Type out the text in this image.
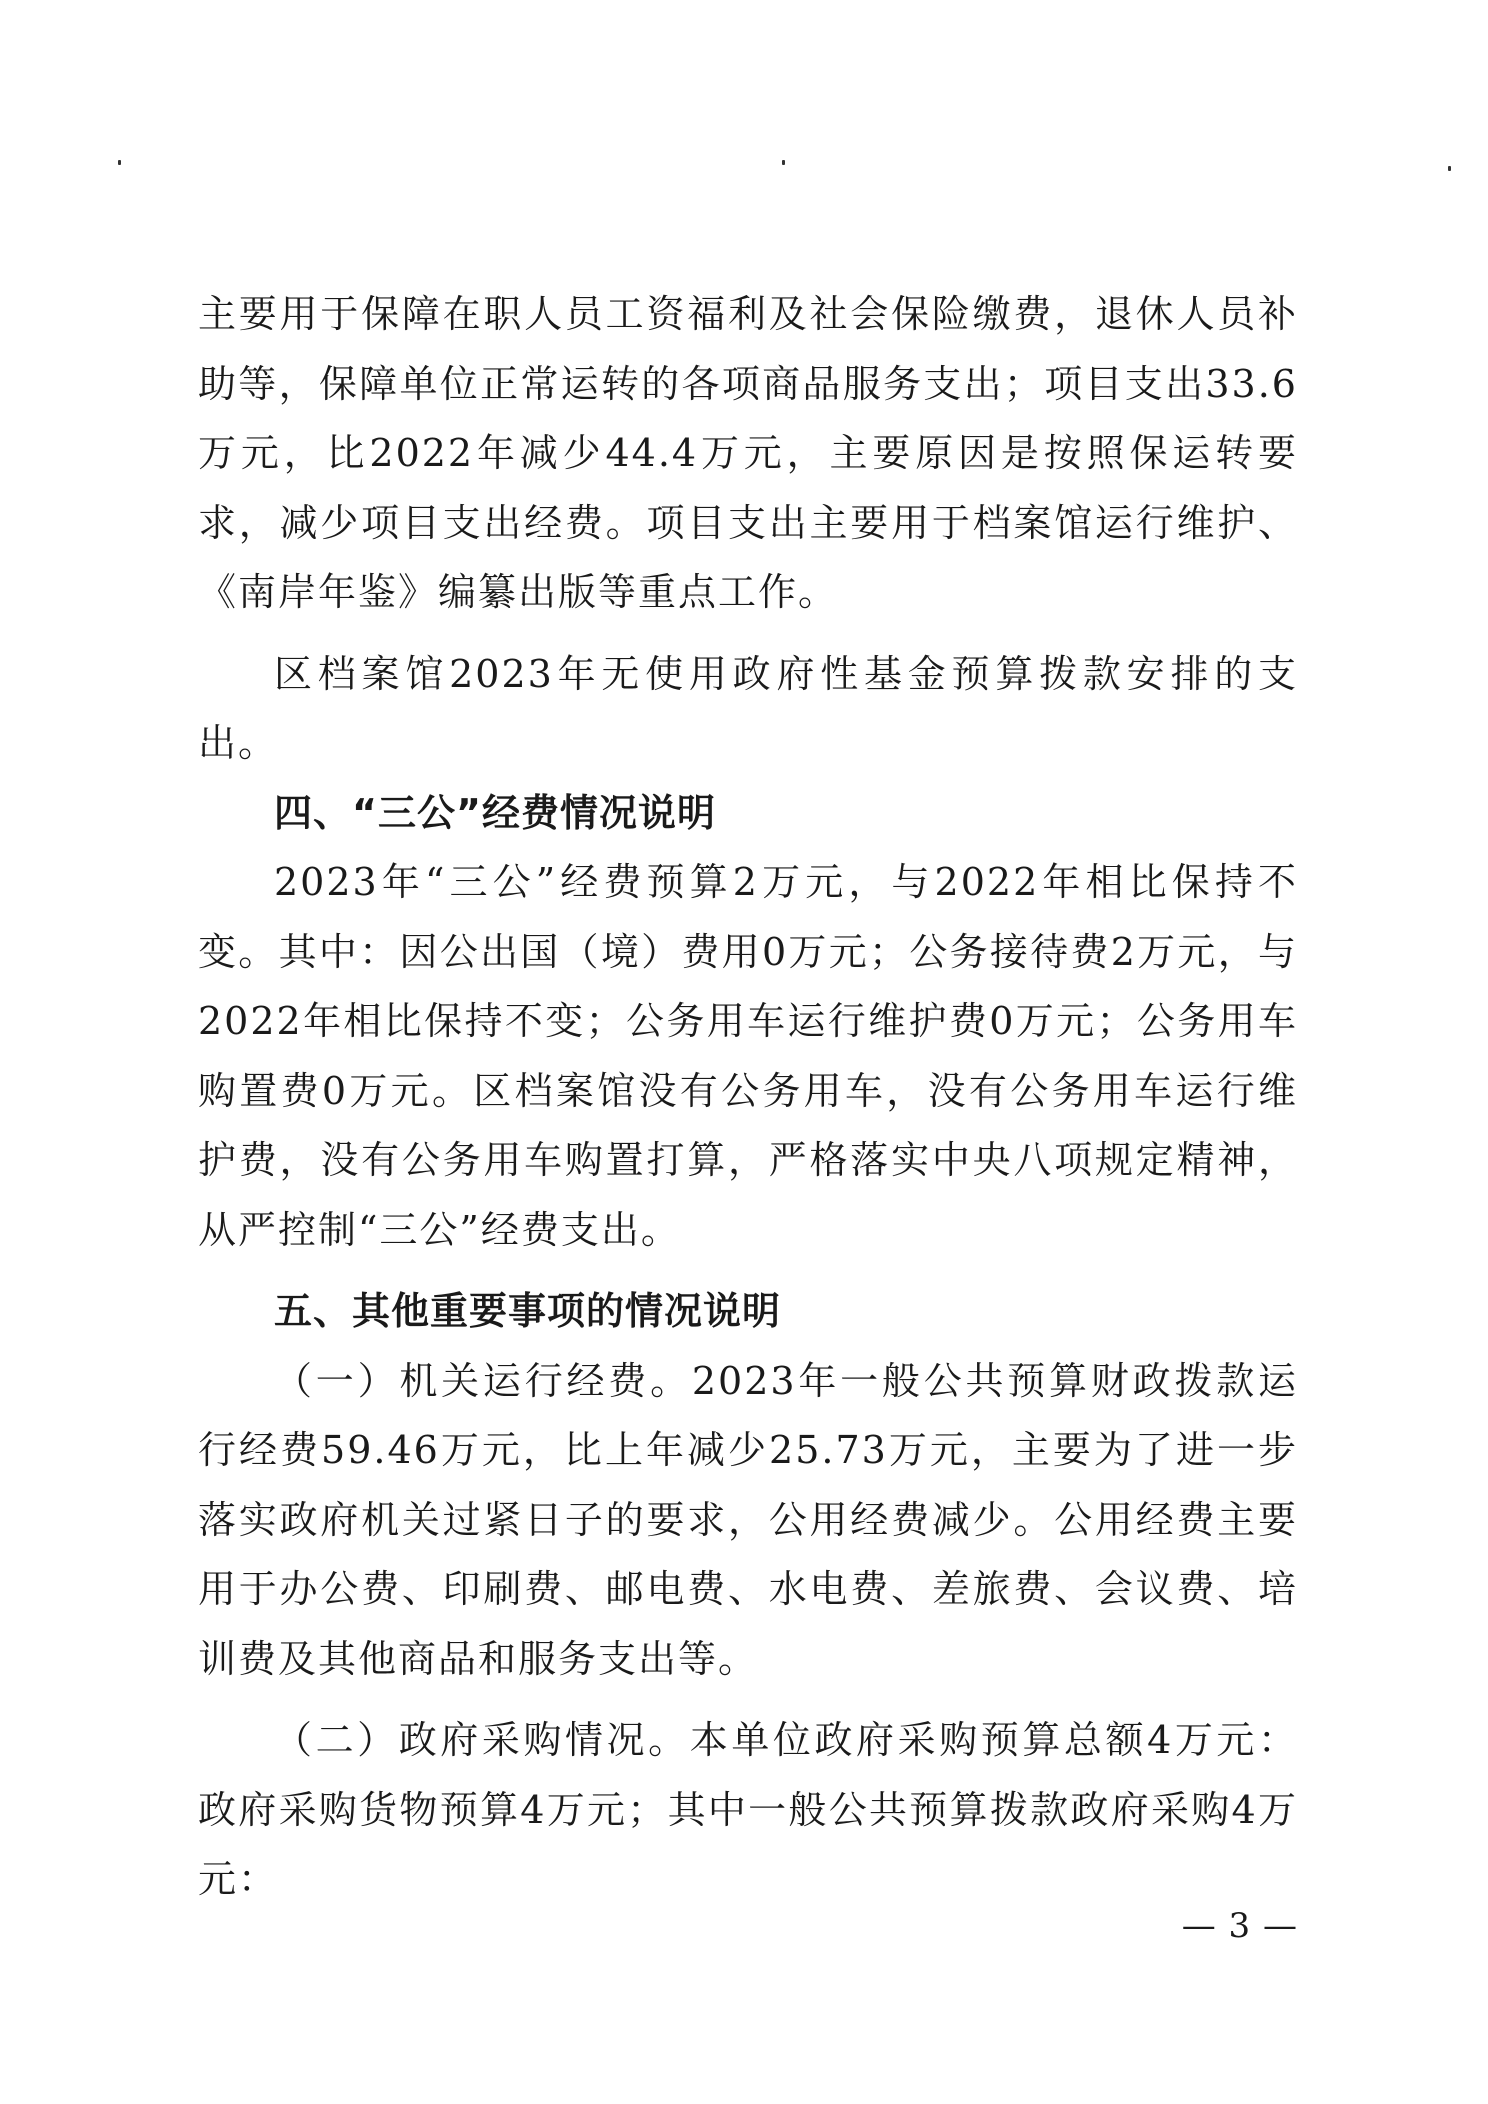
主要用于保障在职人员工资福利及社会保险缴费，退休人员补助等，保障单位正常运转的各项商品服务支出；项目支出33.6万元，比2022年减少44.4万元，主要原因是按照保运转要求，减少项目支出经费。项目支出主要用于档案馆运行维护、《南岸年鉴》编纂出版等重点工作。

区档案馆2023年无使用政府性基金预算拨款安排的支出。

四、“三公”经费情况说明

2023年“三公”经费预算2万元，与2022年相比保持不变。其中：因公出国（境）费用0万元；公务接待费2万元，与2022年相比保持不变；公务用车运行维护费0万元；公务用车购置费0万元。区档案馆没有公务用车，没有公务用车运行维护费，没有公务用车购置打算，严格落实中央八项规定精神，从严控制“三公”经费支出。

五、其他重要事项的情况说明

（一）机关运行经费。2023年一般公共预算财政拨款运行经费59.46万元，比上年减少25.73万元，主要为了进一步落实政府机关过紧日子的要求，公用经费减少。公用经费主要用于办公费、印刷费、邮电费、水电费、差旅费、会议费、培训费及其他商品和服务支出等。

（二）政府采购情况。本单位政府采购预算总额4万元：政府采购货物预算4万元；其中一般公共预算拨款政府采购4万元：

— 3 —
